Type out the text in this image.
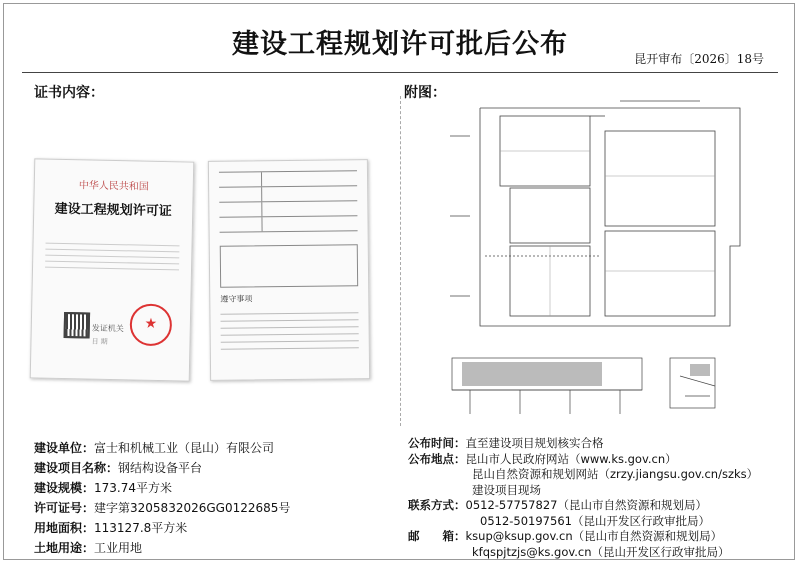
建设工程规划许可批后公布	昆开审布〔2026〕18号
证书内容：	附图：
中华人民共和国
建设工程规划许可证
发证机关
日 期
★
遵守事项
建设单位：富士和机械工业（昆山）有限公司
建设项目名称：钢结构设备平台
建设规模：173.74平方米
许可证号：建字第3205832026GG0122685号
用地面积：113127.8平方米
土地用途：工业用地
公布时间：直至建设项目规划核实合格
公布地点：昆山市人民政府网站（www.ks.gov.cn）
昆山自然资源和规划网站（zrzy.jiangsu.gov.cn/szks）
建设项目现场
联系方式：0512-57757827（昆山市自然资源和规划局）
0512-50197561（昆山开发区行政审批局）
邮　　箱：ksup@ksup.gov.cn（昆山市自然资源和规划局）
kfqspjtzjs@ks.gov.cn（昆山开发区行政审批局）
